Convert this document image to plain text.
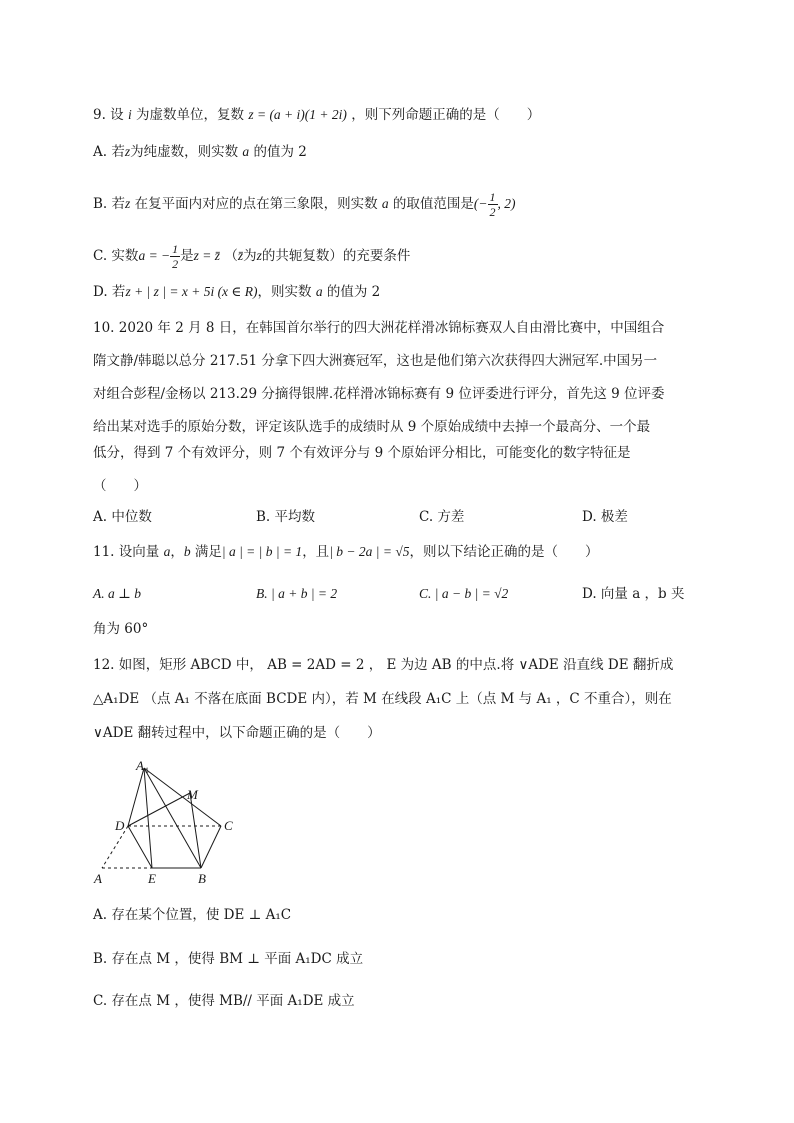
9. 设 i 为虚数单位，复数 z = (a + i)(1 + 2i) ，则下列命题正确的是（　　）
A. 若z为纯虚数，则实数 a 的值为 2
B. 若z 在复平面内对应的点在第三象限，则实数 a 的取值范围是(− $\frac{1}{2}$ , 2)
C. 实数a = − $\frac{1}{2}$ 是z = z̄ （z̄为z的共轭复数）的充要条件
D. 若z + | z | = x + 5i (x ∈ R)，则实数 a 的值为 2
10. 2020 年 2 月 8 日，在韩国首尔举行的四大洲花样滑冰锦标赛双人自由滑比赛中，中国组合
隋文静/韩聪以总分 217.51 分拿下四大洲赛冠军，这也是他们第六次获得四大洲冠军.中国另一
对组合彭程/金杨以 213.29 分摘得银牌.花样滑冰锦标赛有 9 位评委进行评分，首先这 9 位评委
给出某对选手的原始分数，评定该队选手的成绩时从 9 个原始成绩中去掉一个最高分、一个最
低分，得到 7 个有效评分，则 7 个有效评分与 9 个原始评分相比，可能变化的数字特征是
（　　）
A. 中位数	B. 平均数	C. 方差	D. 极差
11. 设向量 a，b 满足| a | = | b | = 1，且| b − 2a | = √5，则以下结论正确的是（　　）
A. a ⊥ b	B. | a + b | = 2	C. | a − b | = √2	D. 向量 a ，b 夹
角为 60°
12. 如图，矩形 ABCD 中， AB = 2AD = 2 ， E 为边 AB 的中点.将 ∨ADE 沿直线 DE 翻折成
△A₁DE （点 A₁ 不落在底面 BCDE 内），若 M 在线段 A₁C 上（点 M 与 A₁ ，C 不重合），则在
∨ADE 翻转过程中，以下命题正确的是（　　）
A 1
M
D	C
A	E	B
A. 存在某个位置，使 DE ⊥ A₁C
B. 存在点 M ，使得 BM ⊥ 平面 A₁DC 成立
C. 存在点 M ，使得 MB// 平面 A₁DE 成立
